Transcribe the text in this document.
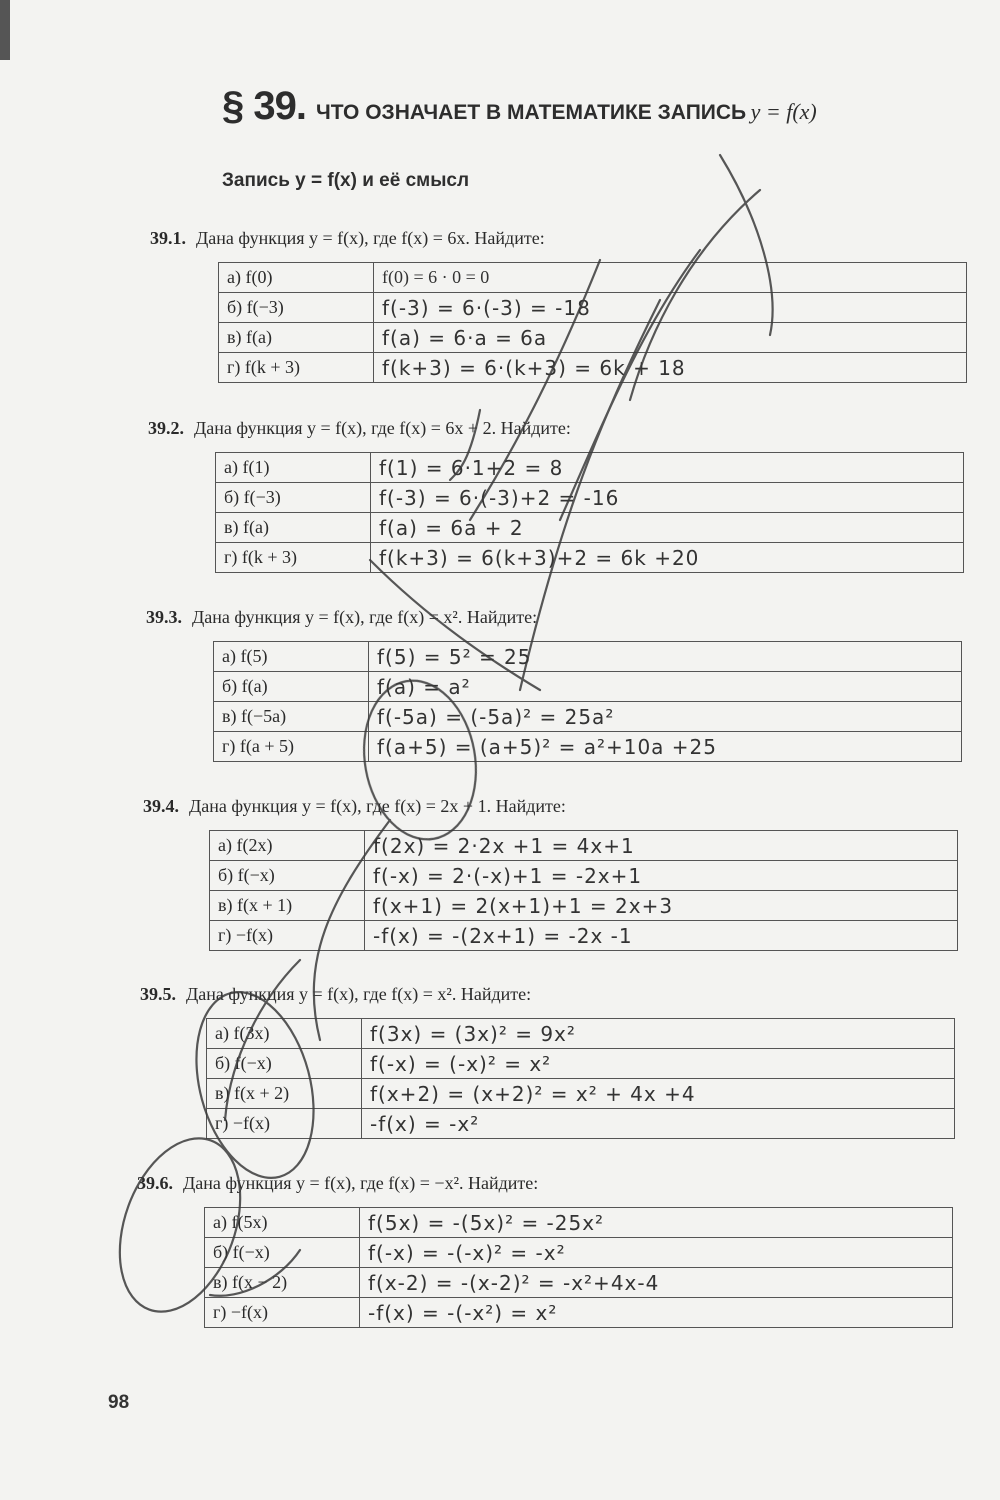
§ 39. ЧТО ОЗНАЧАЕТ В МАТЕМАТИКЕ ЗАПИСЬ y = f(x)
Запись y = f(x) и её смысл
39.1. Дана функция y = f(x), где f(x) = 6x. Найдите:
а) f(0)	f(0) = 6 · 0 = 0
б) f(−3)	f(-3) = 6·(-3) = -18
в) f(a)	f(a) = 6·a = 6a
г) f(k + 3)	f(k+3) = 6·(k+3) = 6k + 18
39.2. Дана функция y = f(x), где f(x) = 6x + 2. Найдите:
а) f(1)	f(1) = 6·1+2 = 8
б) f(−3)	f(-3) = 6·(-3)+2 = -16
в) f(a)	f(a) = 6a + 2
г) f(k + 3)	f(k+3) = 6(k+3)+2 = 6k +20
39.3. Дана функция y = f(x), где f(x) = x². Найдите:
а) f(5)	f(5) = 5² = 25
б) f(a)	f(a) = a²
в) f(−5a)	f(-5a) = (-5a)² = 25a²
г) f(a + 5)	f(a+5) = (a+5)² = a²+10a +25
39.4. Дана функция y = f(x), где f(x) = 2x + 1. Найдите:
а) f(2x)	f(2x) = 2·2x +1 = 4x+1
б) f(−x)	f(-x) = 2·(-x)+1 = -2x+1
в) f(x + 1)	f(x+1) = 2(x+1)+1 = 2x+3
г) −f(x)	-f(x) = -(2x+1) = -2x -1
39.5. Дана функция y = f(x), где f(x) = x². Найдите:
а) f(3x)	f(3x) = (3x)² = 9x²
б) f(−x)	f(-x) = (-x)² = x²
в) f(x + 2)	f(x+2) = (x+2)² = x² + 4x +4
г) −f(x)	-f(x) = -x²
39.6. Дана функция y = f(x), где f(x) = −x². Найдите:
а) f(5x)	f(5x) = -(5x)² = -25x²
б) f(−x)	f(-x) = -(-x)² = -x²
в) f(x − 2)	f(x-2) = -(x-2)² = -x²+4x-4
г) −f(x)	-f(x) = -(-x²) = x²
98
